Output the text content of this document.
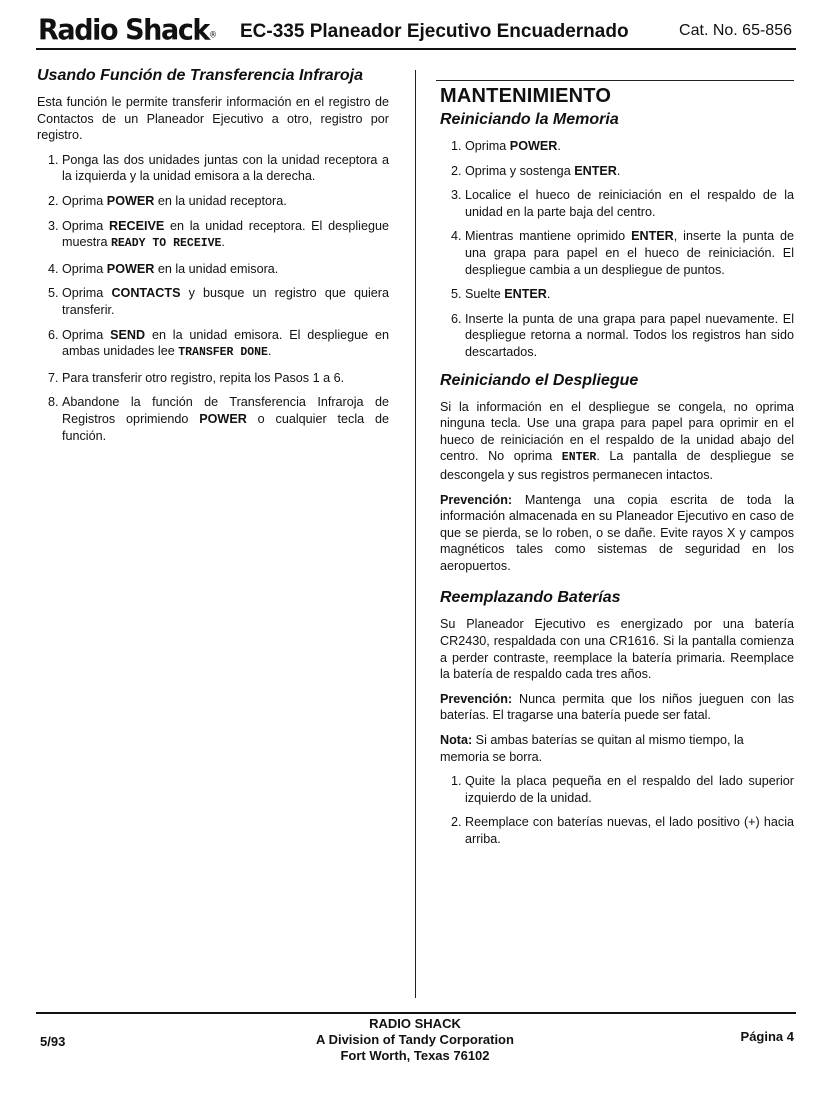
Radio Shack® EC-335 Planeador Ejecutivo Encuadernado	Cat. No. 65-856
Usando Función de Transferencia Infraroja

Esta función le permite transferir información en el registro de Contactos de un Planeador Ejecutivo a otro, registro por registro.

1. Ponga las dos unidades juntas con la unidad receptora a la izquierda y la unidad emisora a la derecha.
2. Oprima POWER en la unidad receptora.
3. Oprima RECEIVE en la unidad receptora. El despliegue muestra READY TO RECEIVE.
4. Oprima POWER en la unidad emisora.
5. Oprima CONTACTS y busque un registro que quiera transferir.
6. Oprima SEND en la unidad emisora. El despliegue en ambas unidades lee TRANSFER DONE.
7. Para transferir otro registro, repita los Pasos 1 a 6.
8. Abandone la función de Transferencia Infraroja de Registros oprimiendo POWER o cualquier tecla de función.
MANTENIMIENTO
Reiniciando la Memoria
1. Oprima POWER.
2. Oprima y sostenga ENTER.
3. Localice el hueco de reiniciación en el respaldo de la unidad en la parte baja del centro.
4. Mientras mantiene oprimido ENTER, inserte la punta de una grapa para papel en el hueco de reiniciación. El despliegue cambia a un despliegue de puntos.
5. Suelte ENTER.
6. Inserte la punta de una grapa para papel nuevamente. El despliegue retorna a normal. Todos los registros han sido descartados.
Reiniciando el Despliegue

Si la información en el despliegue se congela, no oprima ninguna tecla. Use una grapa para papel para oprimir en el hueco de reiniciación en el respaldo de la unidad abajo del centro. No oprima ENTER. La pantalla de despliegue se descongela y sus registros permanecen intactos.

Prevención: Mantenga una copia escrita de toda la información almacenada en su Planeador Ejecutivo en caso de que se pierda, se lo roben, o se dañe. Evite rayos X y campos magnéticos tales como sistemas de seguridad en los aeropuertos.

Reemplazando Baterías

Su Planeador Ejecutivo es energizado por una batería CR2430, respaldada con una CR1616. Si la pantalla comienza a perder contraste, reemplace la batería primaria. Reemplace la batería de respaldo cada tres años.

Prevención: Nunca permita que los niños jueguen con las baterías. El tragarse una batería puede ser fatal.

Nota: Si ambas baterías se quitan al mismo tiempo, la memoria se borra.

1. Quite la placa pequeña en el respaldo del lado superior izquierdo de la unidad.
2. Reemplace con baterías nuevas, el lado positivo (+) hacia arriba.
5/93
RADIO SHACK
A Division of Tandy Corporation
Fort Worth, Texas 76102
Página 4
